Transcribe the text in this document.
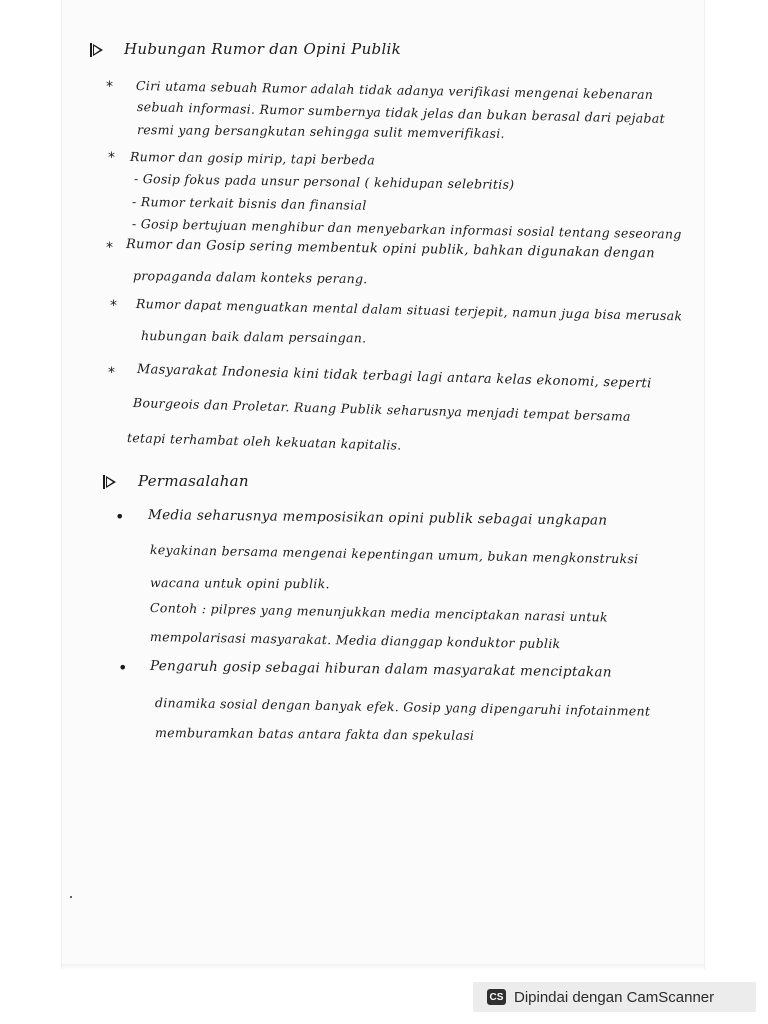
Hubungan Rumor dan Opini Publik
* Ciri utama sebuah Rumor adalah tidak adanya verifikasi mengenai kebenaran
sebuah informasi. Rumor sumbernya tidak jelas dan bukan berasal dari pejabat
resmi yang bersangkutan sehingga sulit memverifikasi.
* Rumor dan gosip mirip, tapi berbeda
- Gosip fokus pada unsur personal ( kehidupan selebritis)
- Rumor terkait bisnis dan finansial
- Gosip bertujuan menghibur dan menyebarkan informasi sosial tentang seseorang
* Rumor dan Gosip sering membentuk opini publik, bahkan digunakan dengan
propaganda dalam konteks perang.
* Rumor dapat menguatkan mental dalam situasi terjepit, namun juga bisa merusak
hubungan baik dalam persaingan.
* Masyarakat Indonesia kini tidak terbagi lagi antara kelas ekonomi, seperti
Bourgeois dan Proletar. Ruang Publik seharusnya menjadi tempat bersama
tetapi terhambat oleh kekuatan kapitalis.
Permasalahan
• Media seharusnya memposisikan opini publik sebagai ungkapan
keyakinan bersama mengenai kepentingan umum, bukan mengkonstruksi
wacana untuk opini publik.
Contoh : pilpres yang menunjukkan media menciptakan narasi untuk
mempolarisasi masyarakat. Media dianggap konduktor publik
• Pengaruh gosip sebagai hiburan dalam masyarakat menciptakan
dinamika sosial dengan banyak efek. Gosip yang dipengaruhi infotainment
memburamkan batas antara fakta dan spekulasi
CS Dipindai dengan CamScanner
